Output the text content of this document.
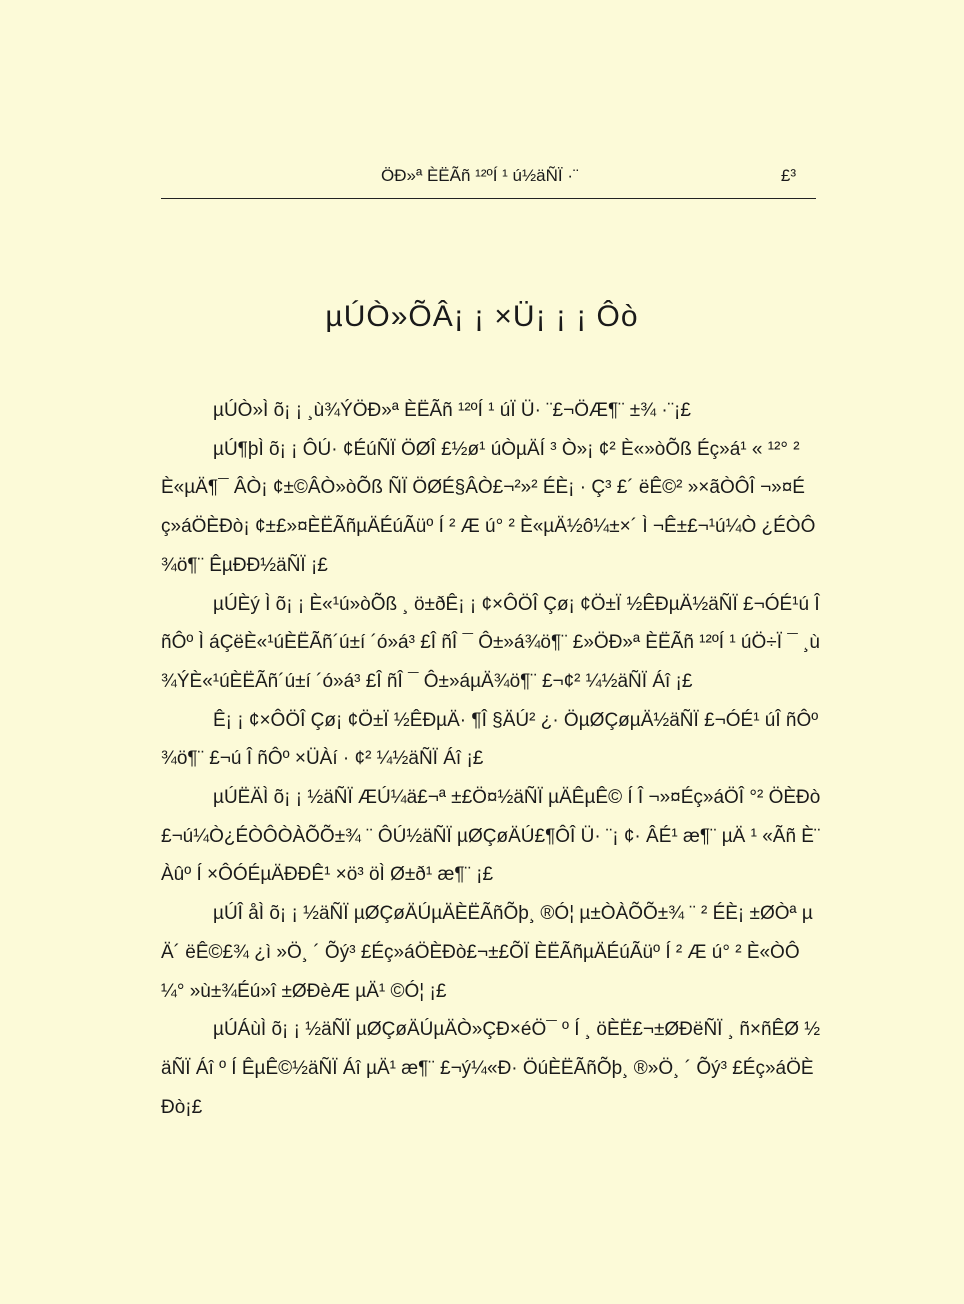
ÖÐ»ª ÈËÃñ ¹²ºÍ ¹ ú½äÑÏ ·¨	£³
µÚÒ»ÕÂ¡ ¡ ×Ü¡ ¡ ¡ Ôò

µÚÒ»Ì õ¡ ¡ ¸ù¾ÝÖÐ»ª ÈËÃñ ¹²ºÍ ¹ úÏ Ü· ¨£¬ÖÆ¶¨ ±¾ ·¨¡£

µÚ¶þÌ õ¡ ¡ ÔÚ· ¢ÉúÑÏ ÖØÎ £½ø¹ úÒµÄÍ ³ Ò»¡ ¢² È«»òÕß Éç»á¹ « ¹²° ² È«µÄ¶¯ ÂÒ¡ ¢±©ÂÒ»òÕß ÑÏ ÖØÉ§ÂÒ£¬²»² ÉÈ¡ · Ç³ £´ ëÊ©² »×ãÒÔÎ ¬»¤Éç»áÖÈÐò¡ ¢±£»¤ÈËÃñµÄÉúÃüº Í ² Æ ú° ² È«µÄ½ô¼±×´ Ì ¬Ê±£¬¹ú¼Ò ¿ÉÒÔ¾ö¶¨ ÊµÐÐ½äÑÏ ¡£

µÚÈý Ì õ¡ ¡ È«¹ú»òÕß ¸ ö±ðÊ¡ ¡ ¢×ÔÖÎ Çø¡ ¢Ö±Ï ½ÊÐµÄ½äÑÏ £¬ÓÉ¹ú Î ñÔº Ì áÇëÈ«¹úÈËÃñ´ú±í ´ó»á³ £Î ñÎ ¯ Ô±»á¾ö¶¨ £»ÖÐ»ª ÈËÃñ ¹²ºÍ ¹ úÖ÷Ï ¯ ¸ù¾ÝÈ«¹úÈËÃñ´ú±í ´ó»á³ £Î ñÎ ¯ Ô±»áµÄ¾ö¶¨ £¬¢² ¼½äÑÏ Áî ¡£

Ê¡ ¡ ¢×ÔÖÎ Çø¡ ¢Ö±Ï ½ÊÐµÄ· ¶Î §ÄÚ² ¿· ÖµØÇøµÄ½äÑÏ £¬ÓÉ¹ úÎ ñÔº ¾ö¶¨ £¬ú Î ñÔº ×ÜÀí · ¢² ¼½äÑÏ Áî ¡£

µÚËÄÌ õ¡ ¡ ½äÑÏ ÆÚ¼ä£¬ª ±£Ö¤½äÑÏ µÄÊµÊ© Í Î ¬»¤Éç»áÖÎ °² ÖÈÐò£¬ú¼Ò¿ÉÒÔÒÀÕÕ±¾ ¨ ÔÚ½äÑÏ µØÇøÄÚ£¶ÔÎ Ü· ¨¡ ¢· ÂÉ¹ æ¶¨ µÄ ¹ «Ãñ È¨ Àûº Í ×ÔÓÉµÄÐÐÊ¹ ×ö³ öÌ Ø±ð¹ æ¶¨ ¡£

µÚÎ åÌ õ¡ ¡ ½äÑÏ µØÇøÄÚµÄÈËÃñÕþ¸ ®Ó¦ µ±ÒÀÕÕ±¾ ¨ ² ÉÈ¡ ±ØÒª µÄ´ ëÊ©£¾ ¿ì »Ö¸ ´ Õý³ £Éç»áÖÈÐò£¬±£ÕÏ ÈËÃñµÄÉúÃüº Í ² Æ ú° ² È«ÒÔ¼° »ù±¾Éú»î ±ØÐèÆ µÄ¹ ©Ó¦ ¡£

µÚÁùÌ õ¡ ¡ ½äÑÏ µØÇøÄÚµÄÒ»ÇÐ×éÖ¯ º Í ¸ öÈË£¬±ØÐëÑÏ ¸ ñ×ñÊØ ½äÑÏ Áî º Í ÊµÊ©½äÑÏ Áî µÄ¹ æ¶¨ £¬ý¼«Ð· ÖúÈËÃñÕþ¸ ®»Ö¸ ´ Õý³ £Éç»áÖÈÐò¡£
